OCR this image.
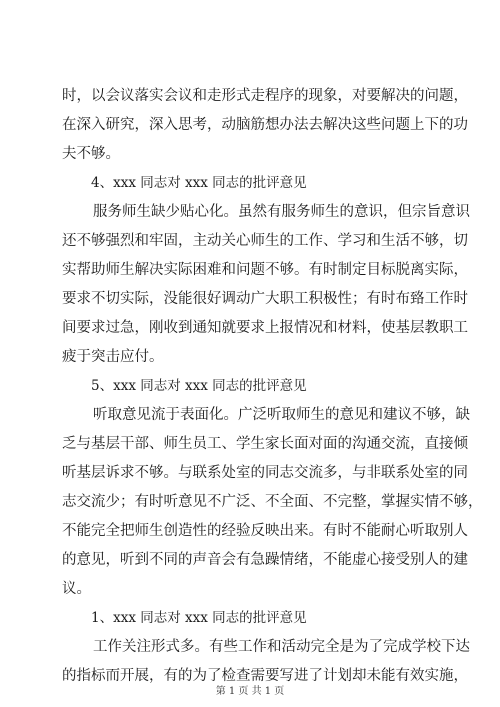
时，以会议落实会议和走形式走程序的现象，对要解决的问题，
在深入研究，深入思考，动脑筋想办法去解决这些问题上下的功
夫不够。
4、xxx 同志对 xxx 同志的批评意见
服务师生缺少贴心化。虽然有服务师生的意识，但宗旨意识
还不够强烈和牢固，主动关心师生的工作、学习和生活不够，切
实帮助师生解决实际困难和问题不够。有时制定目标脱离实际，
要求不切实际，没能很好调动广大职工积极性；有时布臵工作时
间要求过急，刚收到通知就要求上报情况和材料，使基层教职工
疲于突击应付。
5、xxx 同志对 xxx 同志的批评意见
听取意见流于表面化。广泛听取师生的意见和建议不够，缺
乏与基层干部、师生员工、学生家长面对面的沟通交流，直接倾
听基层诉求不够。与联系处室的同志交流多，与非联系处室的同
志交流少；有时听意见不广泛、不全面、不完整，掌握实情不够，
不能完全把师生创造性的经验反映出来。有时不能耐心听取别人
的意见，听到不同的声音会有急躁情绪，不能虚心接受别人的建
议。
1、xxx 同志对 xxx 同志的批评意见
工作关注形式多。有些工作和活动完全是为了完成学校下达
的指标而开展，有的为了检查需要写进了计划却未能有效实施，
第 1 页 共 1 页
